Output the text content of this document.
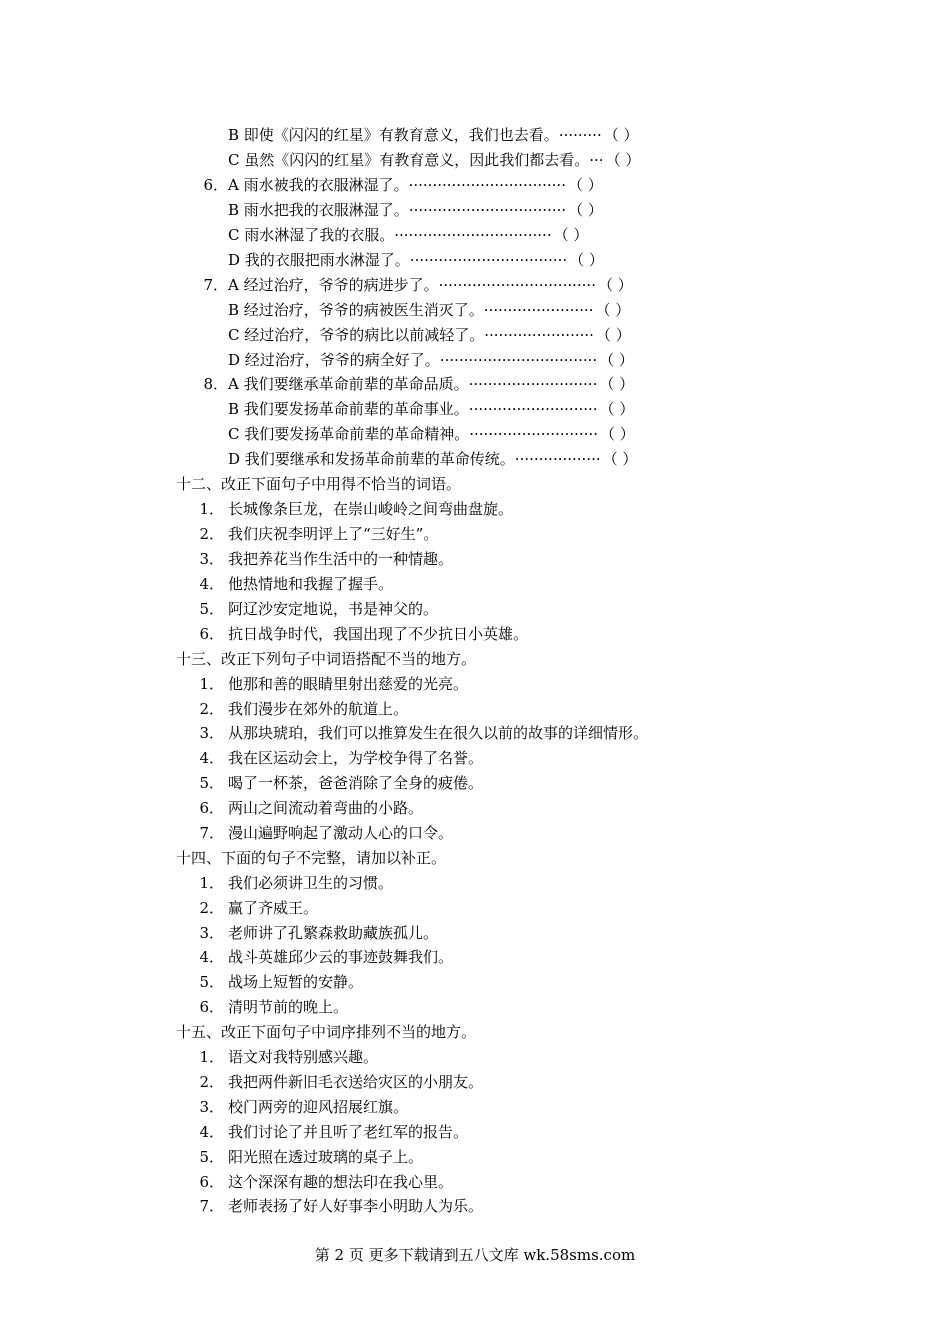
B 即使《闪闪的红星》有教育意义，我们也去看。 ········· （ ）
C 虽然《闪闪的红星》有教育意义，因此我们都去看。 ··· （ ）
6． A 雨水被我的衣服淋湿了。 ································· （ ）
B 雨水把我的衣服淋湿了。 ································· （ ）
C 雨水淋湿了我的衣服。 ································· （ ）
D 我的衣服把雨水淋湿了。 ································· （ ）
7． A 经过治疗，爷爷的病进步了。 ································· （ ）
B 经过治疗，爷爷的病被医生消灭了。 ······················· （ ）
C 经过治疗，爷爷的病比以前减轻了。 ······················· （ ）
D 经过治疗，爷爷的病全好了。 ································· （ ）
8． A 我们要继承革命前辈的革命品质。 ··························· （ ）
B 我们要发扬革命前辈的革命事业。 ··························· （ ）
C 我们要发扬革命前辈的革命精神。 ··························· （ ）
D 我们要继承和发扬革命前辈的革命传统。 ·················· （ ）
十二、改正下面句子中用得不恰当的词语。
1． 长城像条巨龙，在崇山峻岭之间弯曲盘旋。
2． 我们庆祝李明评上了“三好生”。
3． 我把养花当作生活中的一种情趣。
4． 他热情地和我握了握手。
5． 阿辽沙安定地说，书是神父的。
6． 抗日战争时代，我国出现了不少抗日小英雄。
十三、改正下列句子中词语搭配不当的地方。
1． 他那和善的眼睛里射出慈爱的光亮。
2． 我们漫步在郊外的航道上。
3． 从那块琥珀，我们可以推算发生在很久以前的故事的详细情形。
4． 我在区运动会上，为学校争得了名誉。
5． 喝了一杯茶，爸爸消除了全身的疲倦。
6． 两山之间流动着弯曲的小路。
7． 漫山遍野响起了激动人心的口令。
十四、下面的句子不完整，请加以补正。
1． 我们必须讲卫生的习惯。
2． 赢了齐威王。
3． 老师讲了孔繁森救助藏族孤儿。
4． 战斗英雄邱少云的事迹鼓舞我们。
5． 战场上短暂的安静。
6． 清明节前的晚上。
十五、改正下面句子中词序排列不当的地方。
1． 语文对我特别感兴趣。
2． 我把两件新旧毛衣送给灾区的小朋友。
3． 校门两旁的迎风招展红旗。
4． 我们讨论了并且听了老红军的报告。
5． 阳光照在透过玻璃的桌子上。
6． 这个深深有趣的想法印在我心里。
7． 老师表扬了好人好事李小明助人为乐。
第 2 页 更多下载请到五八文库 wk.58sms.com
